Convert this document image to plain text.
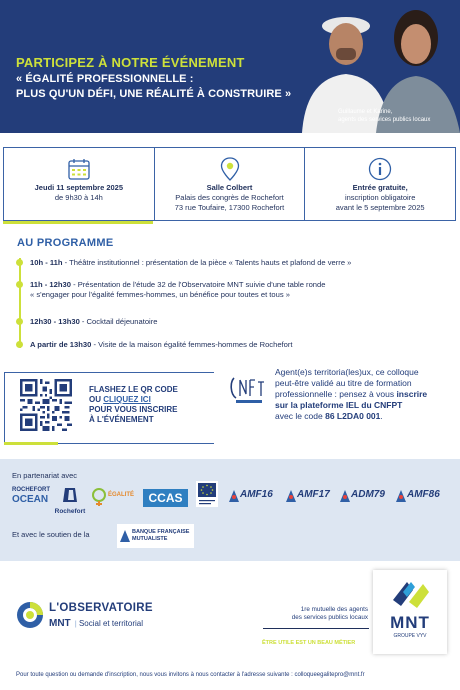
PARTICIPEZ À NOTRE ÉVÉNEMENT
« ÉGALITÉ PROFESSIONNELLE :
PLUS QU'UN DÉFI, UNE RÉALITÉ À CONSTRUIRE »
Guillaume et Karine,
agents des services publics locaux
Jeudi 11 septembre 2025
de 9h30 à 14h
Salle Colbert
Palais des congrès de Rochefort
73 rue Toufaire, 17300 Rochefort
Entrée gratuite,
inscription obligatoire
avant le 5 septembre 2025
AU PROGRAMME
10h - 11h - Théâtre institutionnel : présentation de la pièce « Talents hauts et plafond de verre »
11h - 12h30 - Présentation de l'étude 32 de l'Observatoire MNT suivie d'une table ronde
« s'engager pour l'égalité femmes-hommes, un bénéfice pour toutes et tous »
12h30 - 13h30 - Cocktail déjeunatoire
A partir de 13h30 - Visite de la maison égalité femmes-hommes de Rochefort
FLASHEZ LE QR CODE
OU CLIQUEZ ICI
POUR VOUS INSCRIRE
À L'ÉVÉNEMENT
Agent(e)s territoria(les)ux, ce colloque
peut-être validé au titre de formation
professionnelle : pensez à vous inscrire
sur la plateforme IEL du CNFPT
avec le code 86 L2DA0 001.
En partenariat avec
ROCHEFORT
OCEAN
Rochefort
ÉGALITÉ	CCAS	AMF16 AMF17 ADM79 AMF86
Et avec le soutien de la	BANQUE FRANÇAISE
MUTUALISTE
L'OBSERVATOIRE
MNT | Social et territorial
1re mutuelle des agents
des services publics locaux
ÊTRE UTILE EST UN BEAU MÉTIER
MNT
GROUPE VYV
Pour toute question ou demande d'inscription, nous vous invitons à nous contacter à l'adresse suivante : colloqueegalitepro@mnt.fr
